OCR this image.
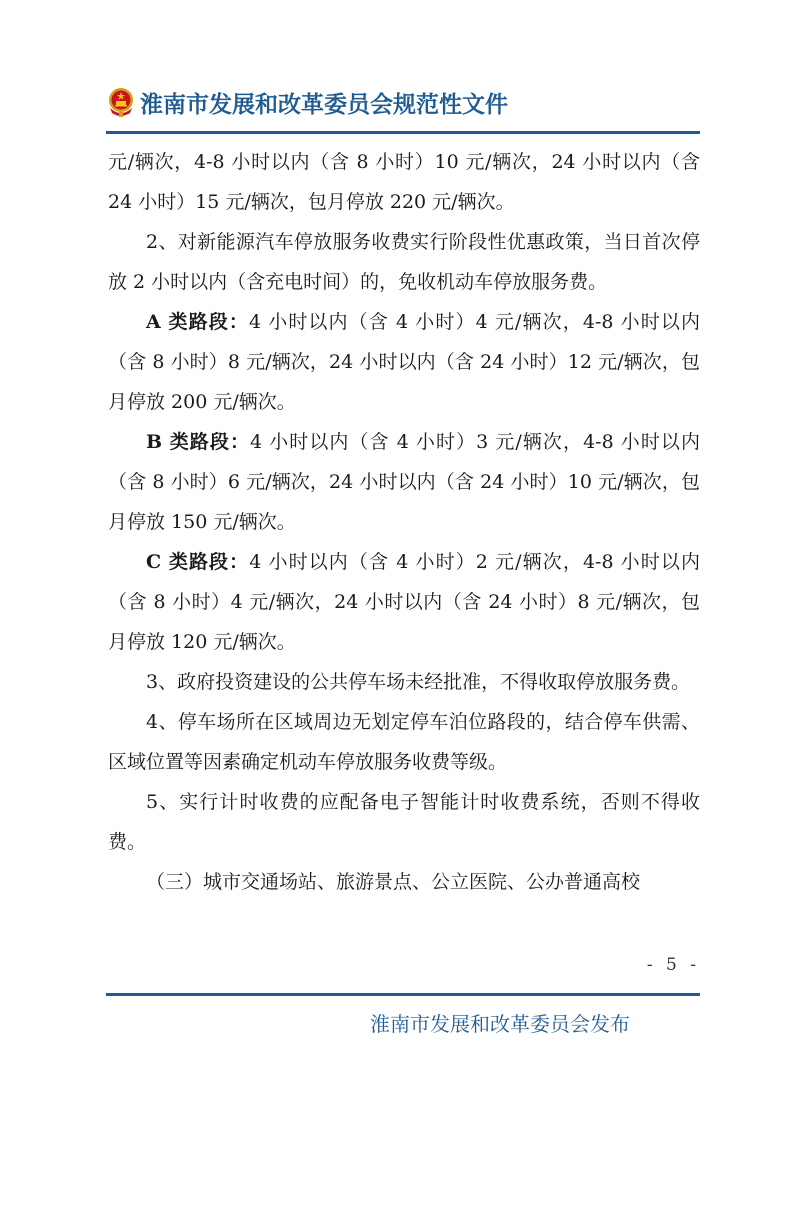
淮南市发展和改革委员会规范性文件

元/辆次，4-8 小时以内（含 8 小时）10 元/辆次，24 小时以内（含 24 小时）15 元/辆次，包月停放 220 元/辆次。

2、对新能源汽车停放服务收费实行阶段性优惠政策，当日首次停放 2 小时以内（含充电时间）的，免收机动车停放服务费。

A 类路段：4 小时以内（含 4 小时）4 元/辆次，4-8 小时以内（含 8 小时）8 元/辆次，24 小时以内（含 24 小时）12 元/辆次，包月停放 200 元/辆次。

B 类路段：4 小时以内（含 4 小时）3 元/辆次，4-8 小时以内（含 8 小时）6 元/辆次，24 小时以内（含 24 小时）10 元/辆次，包月停放 150 元/辆次。

C 类路段：4 小时以内（含 4 小时）2 元/辆次，4-8 小时以内（含 8 小时）4 元/辆次，24 小时以内（含 24 小时）8 元/辆次，包月停放 120 元/辆次。

3、政府投资建设的公共停车场未经批准，不得收取停放服务费。

4、停车场所在区域周边无划定停车泊位路段的，结合停车供需、区域位置等因素确定机动车停放服务收费等级。

5、实行计时收费的应配备电子智能计时收费系统，否则不得收费。

（三）城市交通场站、旅游景点、公立医院、公办普通高校

- 5 -
淮南市发展和改革委员会发布
